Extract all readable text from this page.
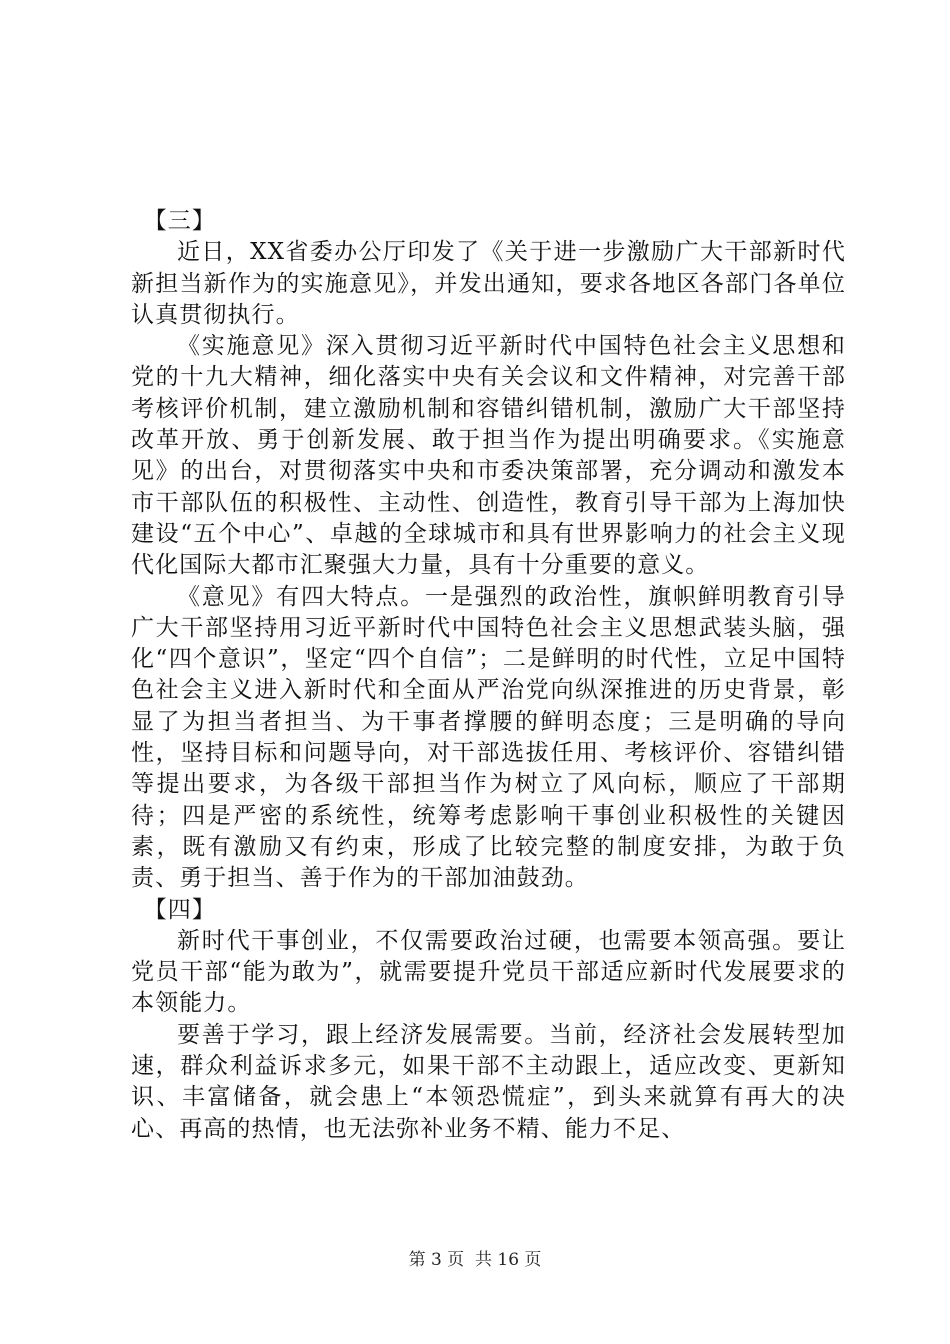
【三】

近日，XX省委办公厅印发了《关于进一步激励广大干部新时代新担当新作为的实施意见》，并发出通知，要求各地区各部门各单位认真贯彻执行。

《实施意见》深入贯彻习近平新时代中国特色社会主义思想和党的十九大精神，细化落实中央有关会议和文件精神，对完善干部考核评价机制，建立激励机制和容错纠错机制，激励广大干部坚持改革开放、勇于创新发展、敢于担当作为提出明确要求。《实施意见》的出台，对贯彻落实中央和市委决策部署，充分调动和激发本市干部队伍的积极性、主动性、创造性，教育引导干部为上海加快建设“五个中心”、卓越的全球城市和具有世界影响力的社会主义现代化国际大都市汇聚强大力量，具有十分重要的意义。

《意见》有四大特点。一是强烈的政治性，旗帜鲜明教育引导广大干部坚持用习近平新时代中国特色社会主义思想武装头脑，强化“四个意识”，坚定“四个自信”；二是鲜明的时代性，立足中国特色社会主义进入新时代和全面从严治党向纵深推进的历史背景，彰显了为担当者担当、为干事者撑腰的鲜明态度；三是明确的导向性，坚持目标和问题导向，对干部选拔任用、考核评价、容错纠错等提出要求，为各级干部担当作为树立了风向标，顺应了干部期待；四是严密的系统性，统筹考虑影响干事创业积极性的关键因素，既有激励又有约束，形成了比较完整的制度安排，为敢于负责、勇于担当、善于作为的干部加油鼓劲。

【四】

新时代干事创业，不仅需要政治过硬，也需要本领高强。要让党员干部“能为敢为”，就需要提升党员干部适应新时代发展要求的本领能力。

要善于学习，跟上经济发展需要。当前，经济社会发展转型加速，群众利益诉求多元，如果干部不主动跟上，适应改变、更新知识、丰富储备，就会患上“本领恐慌症”，到头来就算有再大的决心、再高的热情，也无法弥补业务不精、能力不足、

第 3 页  共 16 页
